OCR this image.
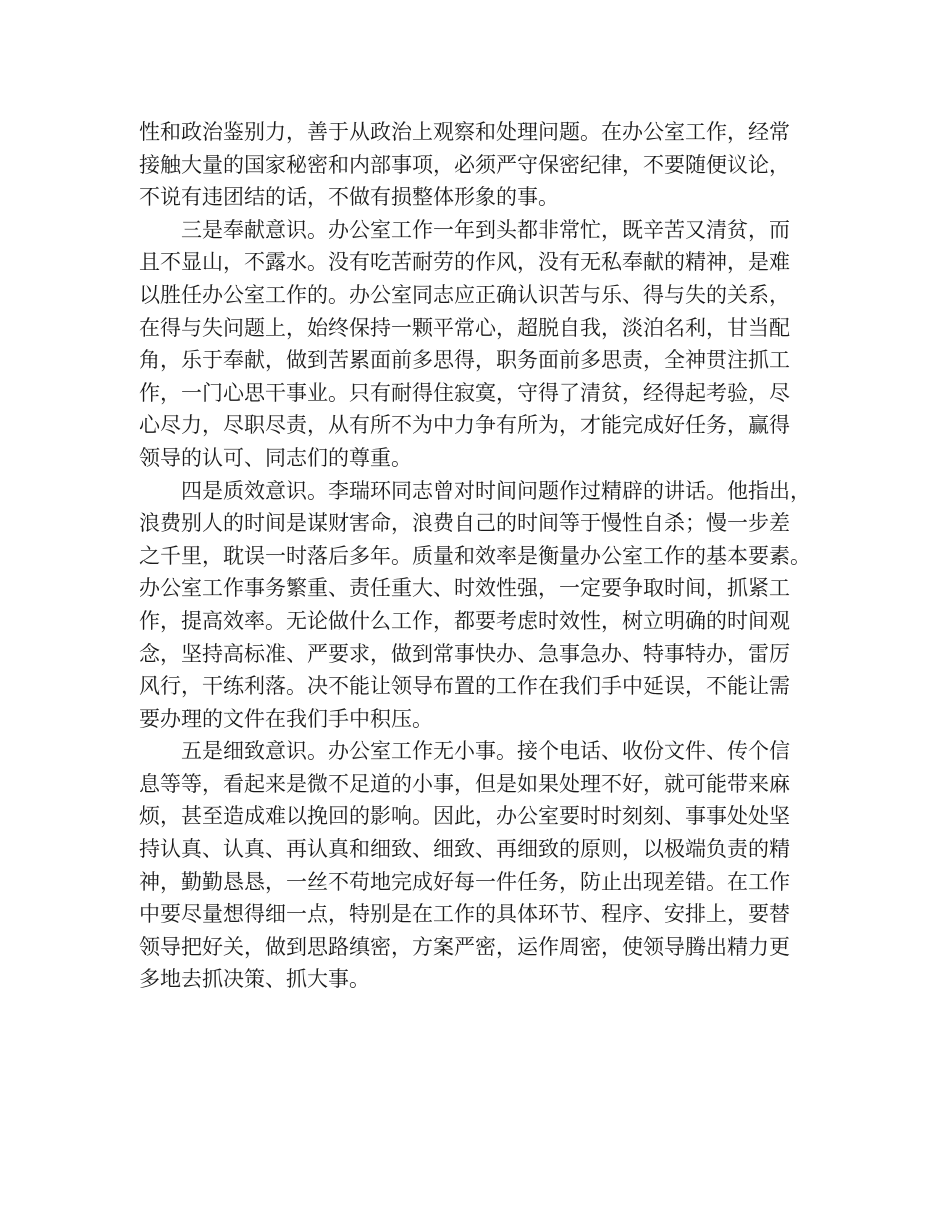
性和政治鉴别力，善于从政治上观察和处理问题。在办公室工作，经常
接触大量的国家秘密和内部事项，必须严守保密纪律，不要随便议论，
不说有违团结的话，不做有损整体形象的事。
　　三是奉献意识。办公室工作一年到头都非常忙，既辛苦又清贫，而
且不显山，不露水。没有吃苦耐劳的作风，没有无私奉献的精神，是难
以胜任办公室工作的。办公室同志应正确认识苦与乐、得与失的关系，
在得与失问题上，始终保持一颗平常心，超脱自我，淡泊名利，甘当配
角，乐于奉献，做到苦累面前多思得，职务面前多思责，全神贯注抓工
作，一门心思干事业。只有耐得住寂寞，守得了清贫，经得起考验，尽
心尽力，尽职尽责，从有所不为中力争有所为，才能完成好任务，赢得
领导的认可、同志们的尊重。
　　四是质效意识。李瑞环同志曾对时间问题作过精辟的讲话。他指出，
浪费别人的时间是谋财害命，浪费自己的时间等于慢性自杀；慢一步差
之千里，耽误一时落后多年。质量和效率是衡量办公室工作的基本要素。
办公室工作事务繁重、责任重大、时效性强，一定要争取时间，抓紧工
作，提高效率。无论做什么工作，都要考虑时效性，树立明确的时间观
念，坚持高标准、严要求，做到常事快办、急事急办、特事特办，雷厉
风行，干练利落。决不能让领导布置的工作在我们手中延误，不能让需
要办理的文件在我们手中积压。
　　五是细致意识。办公室工作无小事。接个电话、收份文件、传个信
息等等，看起来是微不足道的小事，但是如果处理不好，就可能带来麻
烦，甚至造成难以挽回的影响。因此，办公室要时时刻刻、事事处处坚
持认真、认真、再认真和细致、细致、再细致的原则，以极端负责的精
神，勤勤恳恳，一丝不苟地完成好每一件任务，防止出现差错。在工作
中要尽量想得细一点，特别是在工作的具体环节、程序、安排上，要替
领导把好关，做到思路缜密，方案严密，运作周密，使领导腾出精力更
多地去抓决策、抓大事。
